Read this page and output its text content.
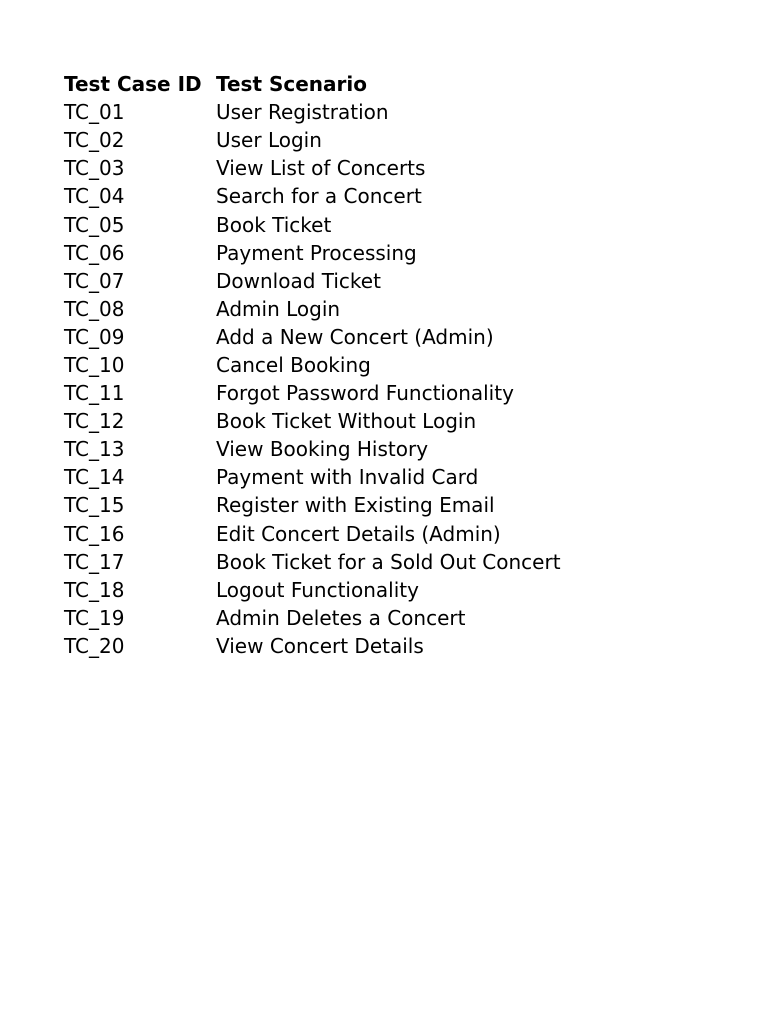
Test Case ID	Test Scenario
TC_01	User Registration
TC_02	User Login
TC_03	View List of Concerts
TC_04	Search for a Concert
TC_05	Book Ticket
TC_06	Payment Processing
TC_07	Download Ticket
TC_08	Admin Login
TC_09	Add a New Concert (Admin)
TC_10	Cancel Booking
TC_11	Forgot Password Functionality
TC_12	Book Ticket Without Login
TC_13	View Booking History
TC_14	Payment with Invalid Card
TC_15	Register with Existing Email
TC_16	Edit Concert Details (Admin)
TC_17	Book Ticket for a Sold Out Concert
TC_18	Logout Functionality
TC_19	Admin Deletes a Concert
TC_20	View Concert Details
